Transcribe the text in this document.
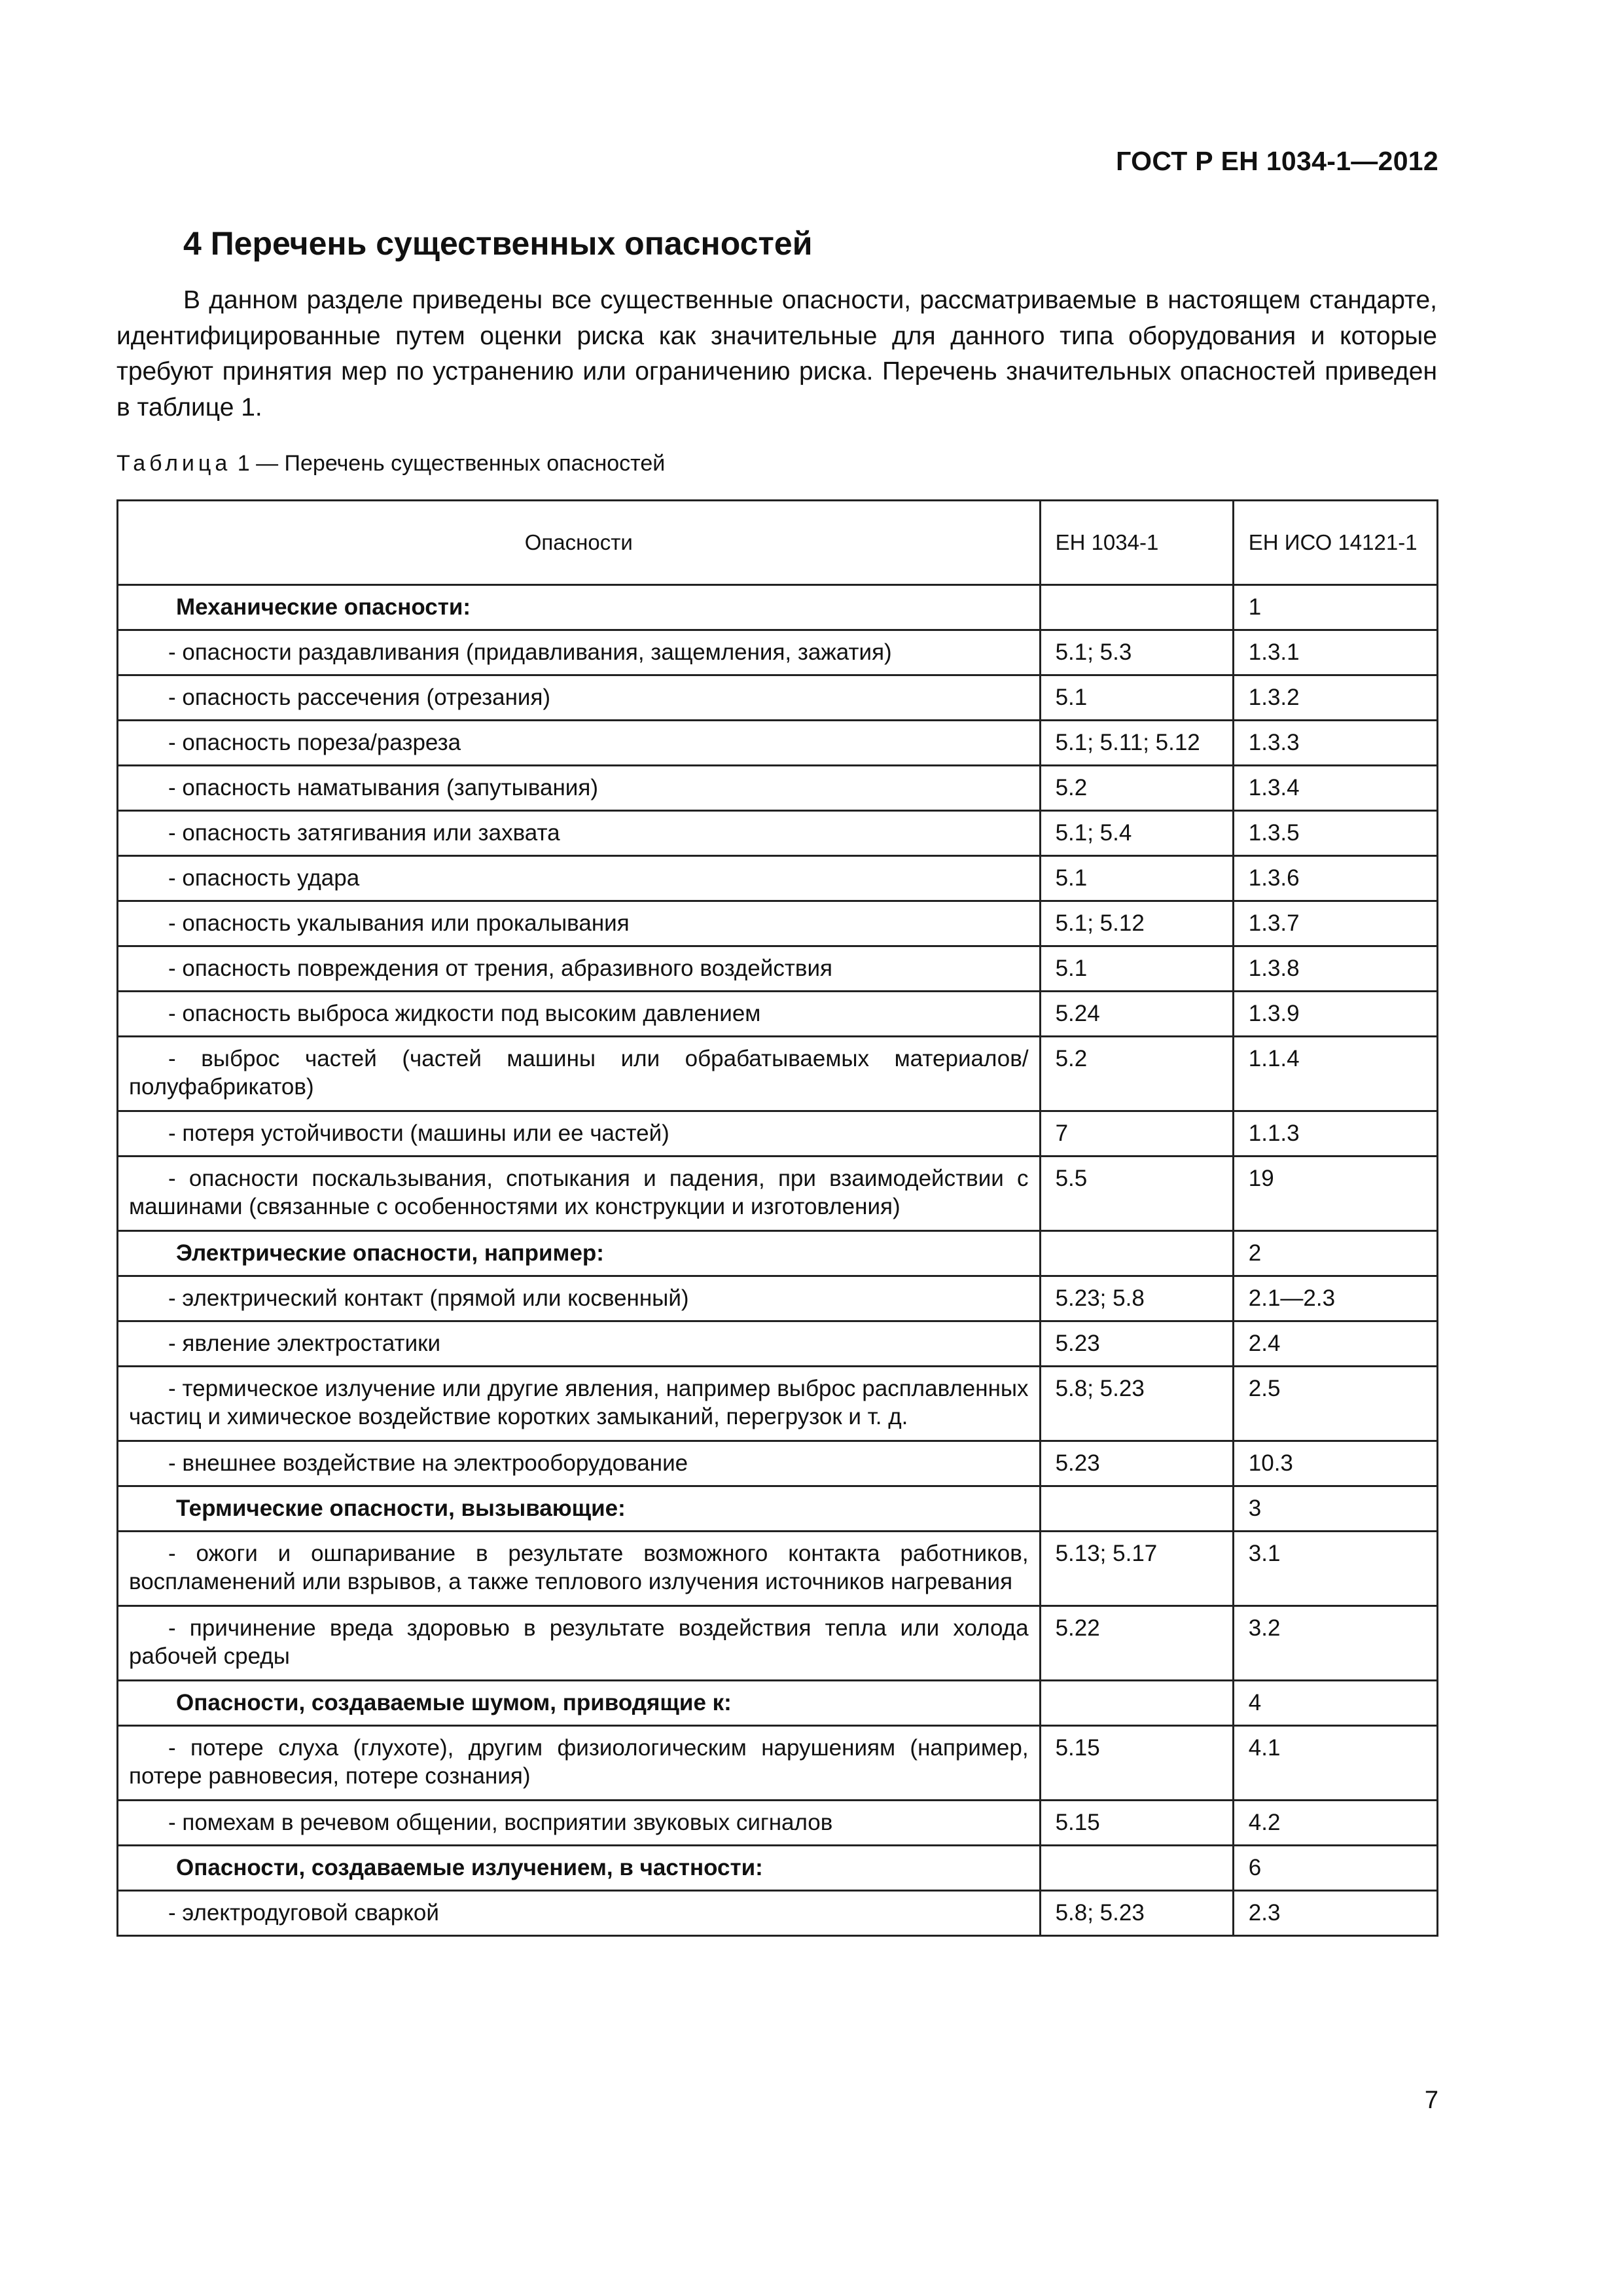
ГОСТ Р ЕН 1034-1—2012
4 Перечень существенных опасностей

В данном разделе приведены все существенные опасности, рассматриваемые в настоящем стандарте, идентифицированные путем оценки риска как значительные для данного типа оборудования и которые требуют принятия мер по устранению или ограничению риска. Перечень значительных опасностей приведен в таблице 1.

Таблица 1 — Перечень существенных опасностей
Опасности	ЕН 1034-1	ЕН ИСО 14121-1

Механические опасности:		1

- опасности раздавливания (придавливания, защемления, зажатия)	5.1; 5.3	1.3.1

- опасность рассечения (отрезания)	5.1	1.3.2

- опасность пореза/разреза	5.1; 5.11; 5.12	1.3.3

- опасность наматывания (запутывания)	5.2	1.3.4

- опасность затягивания или захвата	5.1; 5.4	1.3.5

- опасность удара	5.1	1.3.6

- опасность укалывания или прокалывания	5.1; 5.12	1.3.7

- опасность повреждения от трения, абразивного воздействия	5.1	1.3.8

- опасность выброса жидкости под высоким давлением	5.24	1.3.9

- выброс частей (частей машины или обрабатываемых материалов/полуфабрикатов)	5.2	1.1.4

- потеря устойчивости (машины или ее частей)	7	1.1.3

- опасности поскальзывания, спотыкания и падения, при взаимодействии с машинами (связанные с особенностями их конструкции и изготовления)	5.5	19

Электрические опасности, например:		2

- электрический контакт (прямой или косвенный)	5.23; 5.8	2.1—2.3

- явление электростатики	5.23	2.4

- термическое излучение или другие явления, например выброс расплавленных частиц и химическое воздействие коротких замыканий, перегрузок и т. д.	5.8; 5.23	2.5

- внешнее воздействие на электрооборудование	5.23	10.3

Термические опасности, вызывающие:		3

- ожоги и ошпаривание в результате возможного контакта работников, воспламенений или взрывов, а также теплового излучения источников нагревания	5.13; 5.17	3.1

- причинение вреда здоровью в результате воздействия тепла или холода рабочей среды	5.22	3.2

Опасности, создаваемые шумом, приводящие к:		4

- потере слуха (глухоте), другим физиологическим нарушениям (например, потере равновесия, потере сознания)	5.15	4.1

- помехам в речевом общении, восприятии звуковых сигналов	5.15	4.2

Опасности, создаваемые излучением, в частности:		6

- электродуговой сваркой	5.8; 5.23	2.3
7
